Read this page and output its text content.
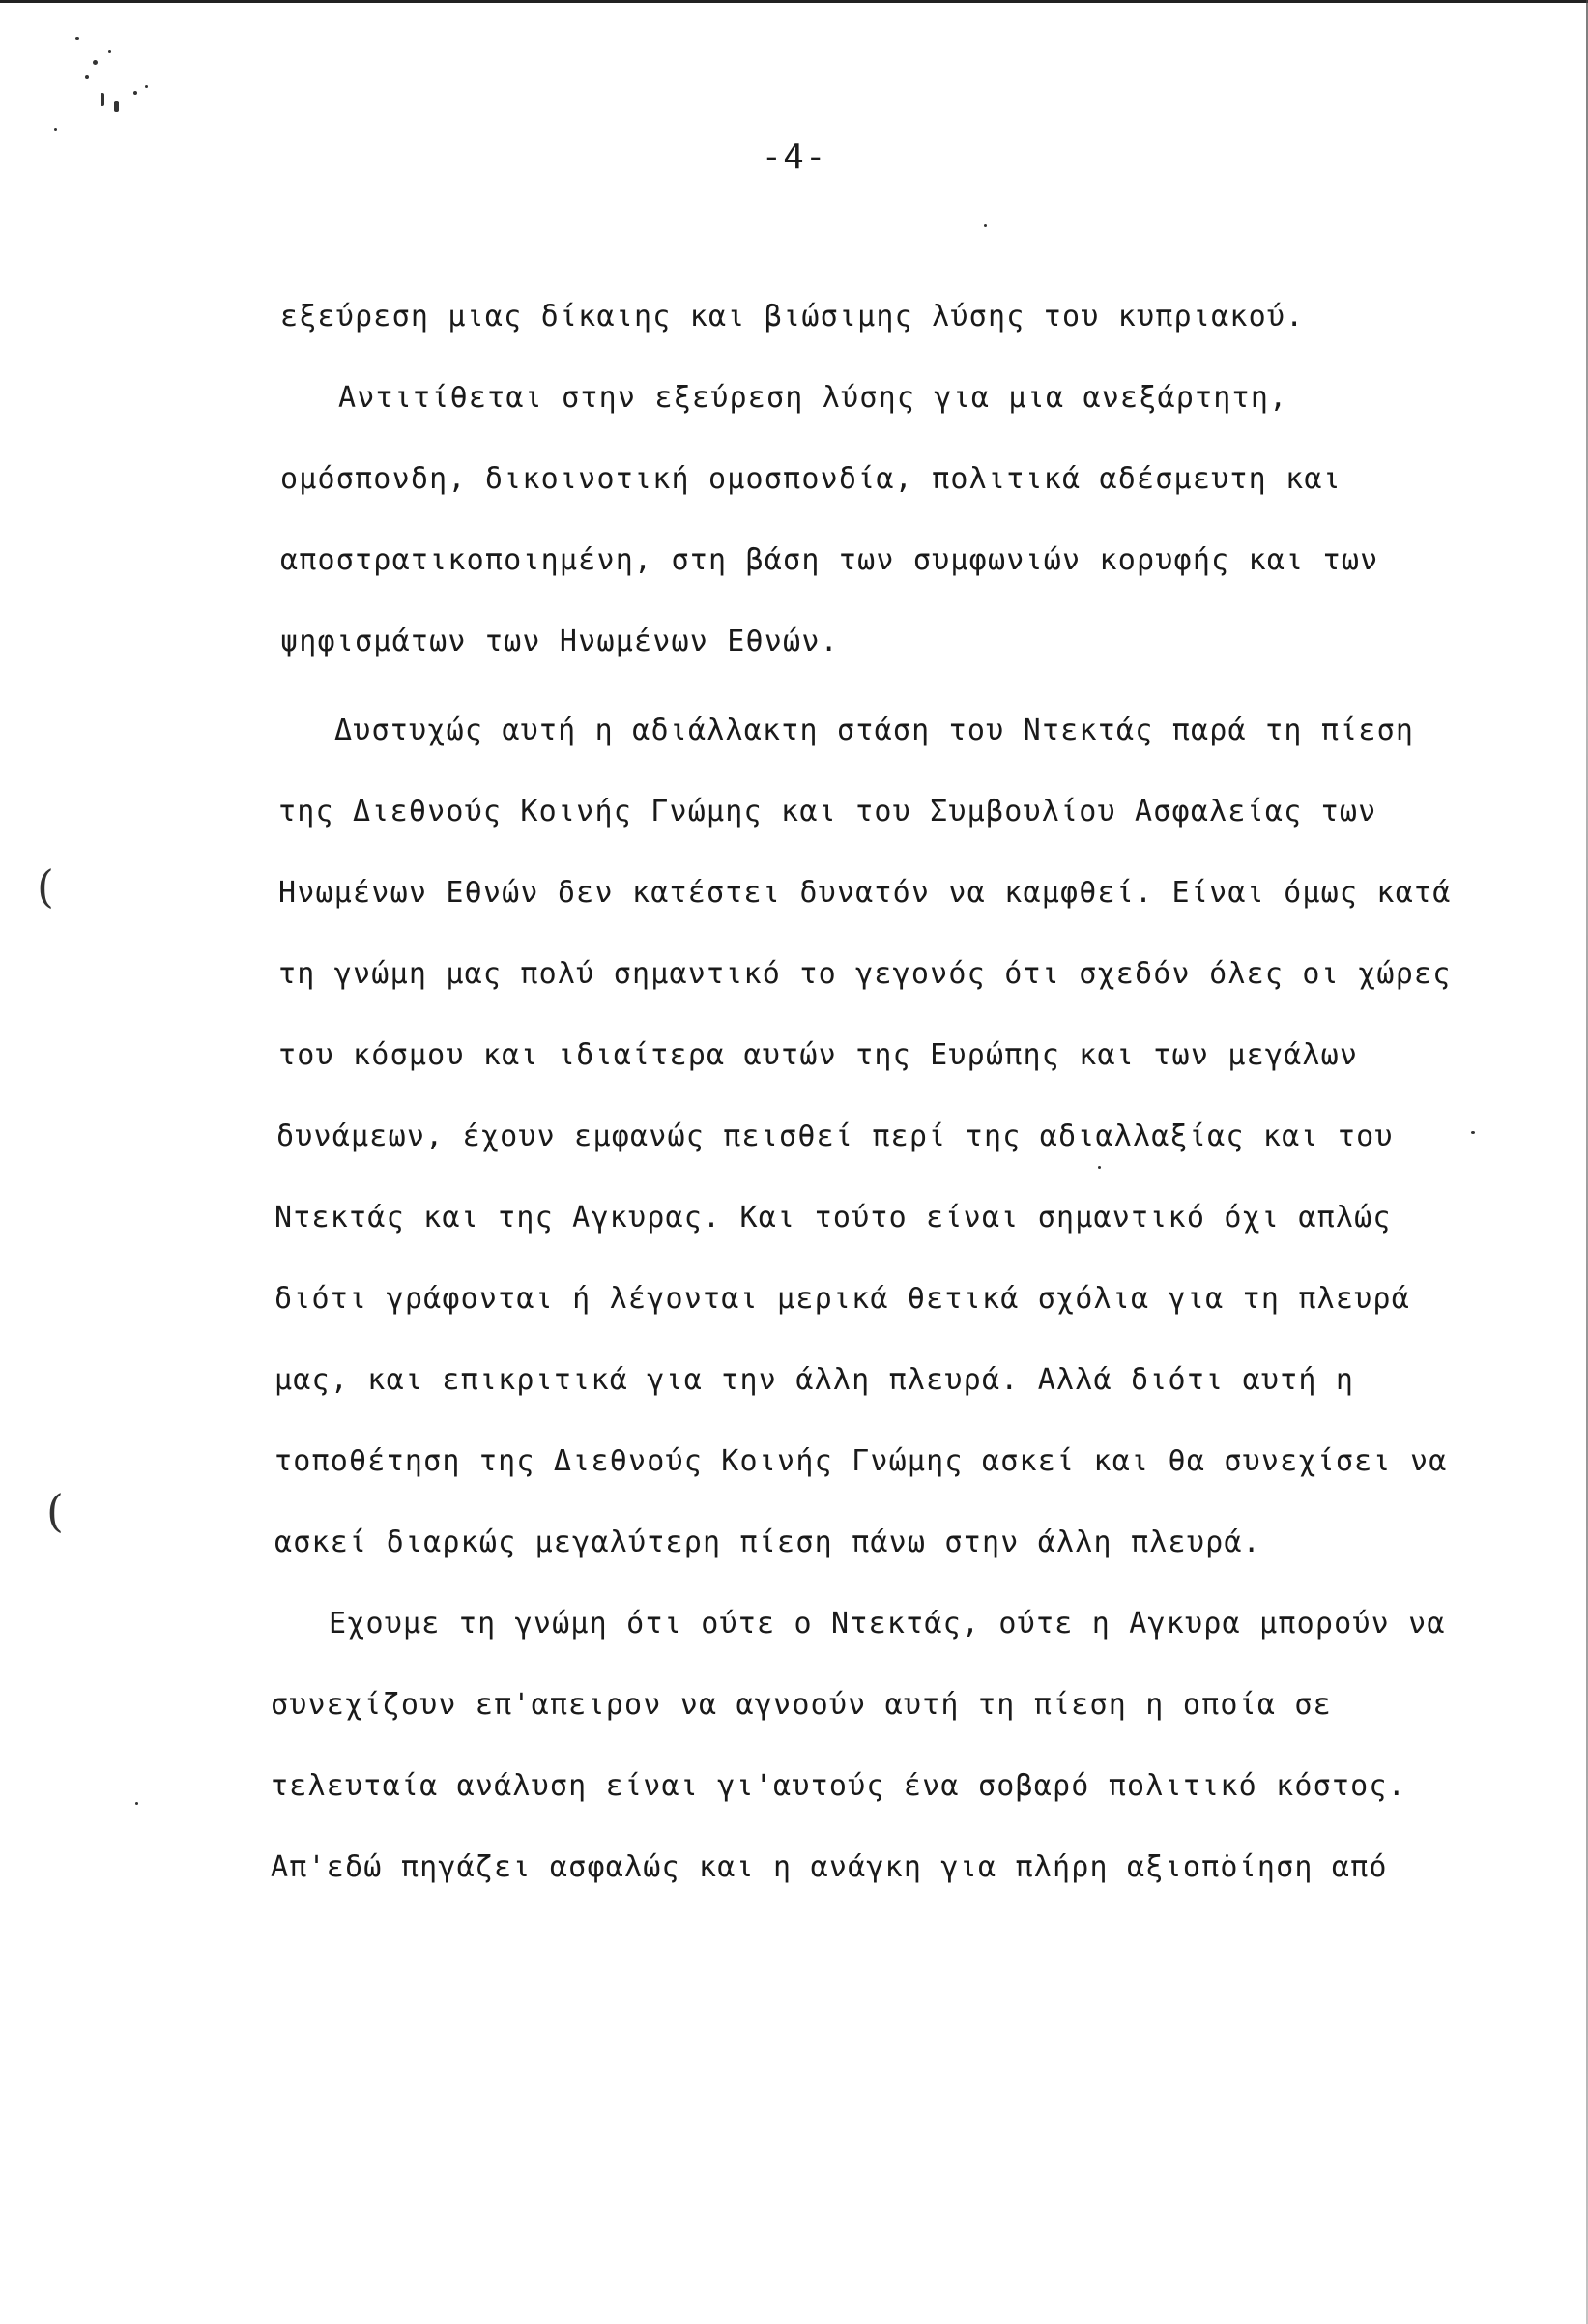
(
(
-4-
εξεύρεση μιας δίκαιης και βιώσιμης λύσης του κυπριακού.
Αντιτίθεται στην εξεύρεση λύσης για μια ανεξάρτητη,
ομόσπονδη, δικοινοτική ομοσπονδία, πολιτικά αδέσμευτη και
αποστρατικοποιημένη, στη βάση των συμφωνιών κορυφής και των
ψηφισμάτων των Ηνωμένων Εθνών.
Δυστυχώς αυτή η αδιάλλακτη στάση του Ντεκτάς παρά τη πίεση
της Διεθνούς Κοινής Γνώμης και του Συμβουλίου Ασφαλείας των
Ηνωμένων Εθνών δεν κατέστει δυνατόν να καμφθεί. Είναι όμως κατά
τη γνώμη μας πολύ σημαντικό το γεγονός ότι σχεδόν όλες οι χώρες
του κόσμου και ιδιαίτερα αυτών της Ευρώπης και των μεγάλων
δυνάμεων, έχουν εμφανώς πεισθεί περί της αδιαλλαξίας και του
Ντεκτάς και της Αγκυρας. Και τούτο είναι σημαντικό όχι απλώς
διότι γράφονται ή λέγονται μερικά θετικά σχόλια για τη πλευρά
μας, και επικριτικά για την άλλη πλευρά. Αλλά διότι αυτή η
τοποθέτηση της Διεθνούς Κοινής Γνώμης ασκεί και θα συνεχίσει να
ασκεί διαρκώς μεγαλύτερη πίεση πάνω στην άλλη πλευρά.
Εχουμε τη γνώμη ότι ούτε ο Ντεκτάς, ούτε η Αγκυρα μπορούν να
συνεχίζουν επ'απειρον να αγνοούν αυτή τη πίεση η οποία σε
τελευταία ανάλυση είναι γι'αυτούς ένα σοβαρό πολιτικό κόστος.
Απ'εδώ πηγάζει ασφαλώς και η ανάγκη για πλήρη αξιοποίηση από
